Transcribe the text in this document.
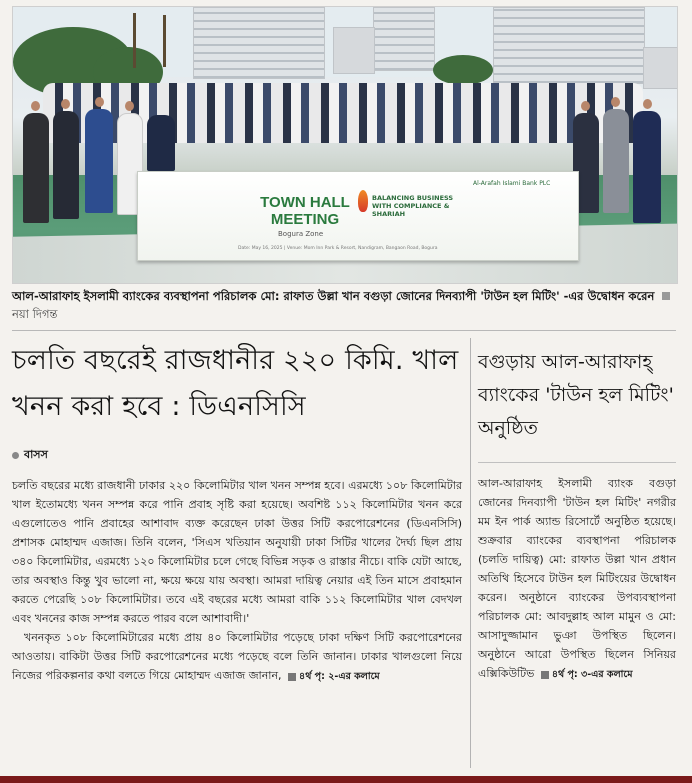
TOWN HALL MEETING
Bogura Zone
BALANCING BUSINESS WITH COMPLIANCE & SHARIAH
Al-Arafah Islami Bank PLC
Date: May 16, 2025 | Venue: Mom Inn Park & Resort, Nandigram, Bangaon Road, Bogura
আল-আরাফাহ ইসলামী ব্যাংকের ব্যবস্থাপনা পরিচালক মো: রাফাত উল্লা খান বগুড়া জোনের দিনব্যাপী 'টাউন হল মিটিং' -এর উদ্বোধন করেন নয়া দিগন্ত
চলতি বছরেই রাজধানীর ২২০ কিমি. খাল খনন করা হবে : ডিএনসিসি
বাসস

চলতি বছরের মধ্যে রাজধানী ঢাকার ২২০ কিলোমিটার খাল খনন সম্পন্ন হবে। এরমধ্যে ১০৮ কিলোমিটার খাল ইতোমধ্যে খনন সম্পন্ন করে পানি প্রবাহ সৃষ্টি করা হয়েছে। অবশিষ্ট ১১২ কিলোমিটার খনন করে এগুলোতেও পানি প্রবাহের আশাবাদ ব্যক্ত করেছেন ঢাকা উত্তর সিটি করপোরেশনের (ডিএনসিসি) প্রশাসক মোহাম্মদ এজাজ। তিনি বলেন, 'সিএস খতিয়ান অনুযায়ী ঢাকা সিটির খালের দৈর্ঘ্য ছিল প্রায় ৩৪০ কিলোমিটার, এরমধ্যে ১২০ কিলোমিটার চলে গেছে বিভিন্ন সড়ক ও রাস্তার নীচে। বাকি যেটা আছে, তার অবস্থাও কিন্তু খুব ভালো না, ক্ষয়ে ক্ষয়ে যায় অবস্থা। আমরা দায়িত্ব নেয়ার এই তিন মাসে প্রবাহমান করতে পেরেছি ১০৮ কিলোমিটার। তবে এই বছরের মধ্যে আমরা বাকি ১১২ কিলোমিটার খাল বেদখল এবং খননের কাজ সম্পন্ন করতে পারব বলে আশাবাদী।'

খননকৃত ১০৮ কিলোমিটারের মধ্যে প্রায় ৪০ কিলোমিটার পড়েছে ঢাকা দক্ষিণ সিটি করপোরেশনের আওতায়। বাকিটা উত্তর সিটি করপোরেশনের মধ্যে পড়েছে বলে তিনি জানান। ঢাকার খালগুলো নিয়ে নিজের পরিকল্পনার কথা বলতে গিয়ে মোহাম্মদ এজাজ জানান, ৪র্থ পৃ: ২-এর কলামে

বগুড়ায় আল-আরাফাহ্ ব্যাংকের 'টাউন হল মিটিং' অনুষ্ঠিত

আল-আরাফাহ ইসলামী ব্যাংক বগুড়া জোনের দিনব্যাপী 'টাউন হল মিটিং' নগরীর মম ইন পার্ক অ্যান্ড রিসোর্টে অনুষ্ঠিত হয়েছে। শুক্রবার ব্যাংকের ব্যবস্থাপনা পরিচালক (চলতি দায়িত্ব) মো: রাফাত উল্লা খান প্রধান অতিথি হিসেবে টাউন হল মিটিংয়ের উদ্বোধন করেন। অনুষ্ঠানে ব্যাংকের উপব্যবস্থাপনা পরিচালক মো: আবদুল্লাহ আল মামুন ও মো: আসাদুজ্জামান ভুঞা উপস্থিত ছিলেন। অনুষ্ঠানে আরো উপস্থিত ছিলেন সিনিয়র এক্সিকিউটিভ ৪র্থ পৃ: ৩-এর কলামে
